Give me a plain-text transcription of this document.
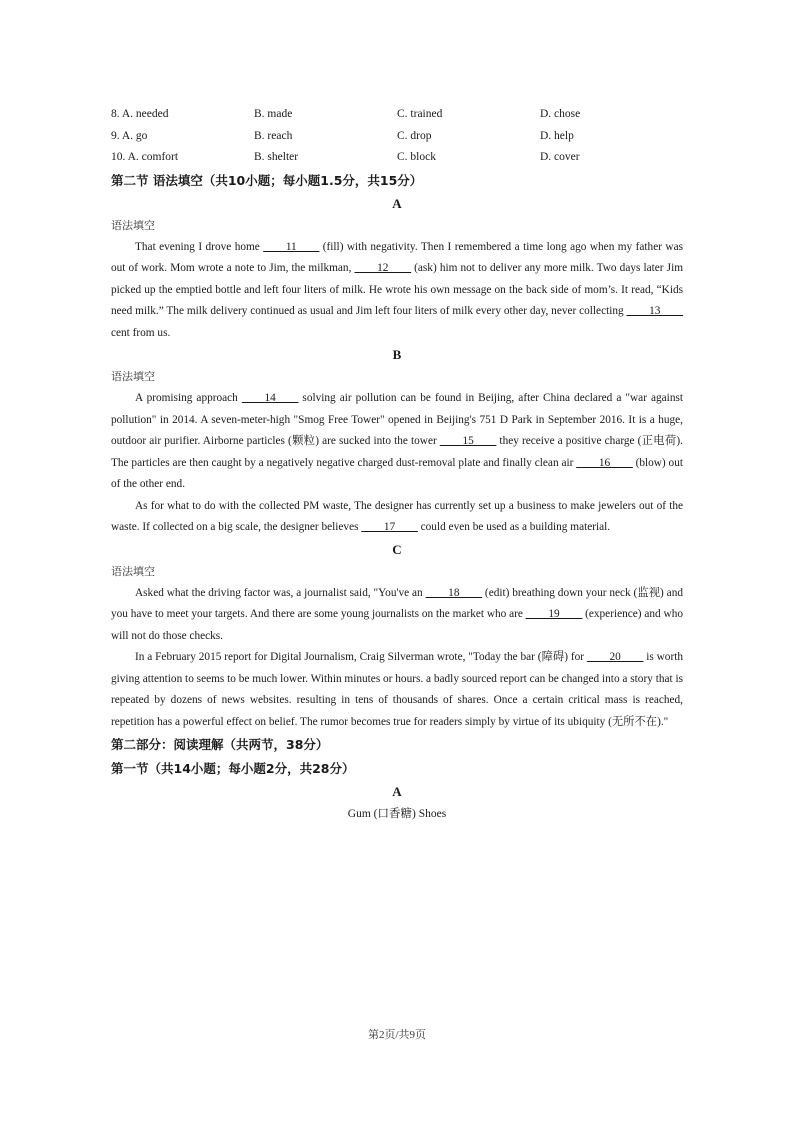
8. A. needed	B. made	C. trained	D. chose
9. A. go	B. reach	C. drop	D. help
10. A. comfort	B. shelter	C. block	D. cover
第二节 语法填空（共10小题；每小题1.5分，共15分）
A
语法填空
That evening I drove home ____11____ (fill) with negativity. Then I remembered a time long ago when my father was out of work. Mom wrote a note to Jim, the milkman, ____12____ (ask) him not to deliver any more milk. Two days later Jim picked up the emptied bottle and left four liters of milk. He wrote his own message on the back side of mom’s. It read, “Kids need milk.” The milk delivery continued as usual and Jim left four liters of milk every other day, never collecting ____13____ cent from us.
B
语法填空
A promising approach ____14____ solving air pollution can be found in Beijing, after China declared a "war against pollution" in 2014. A seven-meter-high "Smog Free Tower" opened in Beijing's 751 D Park in September 2016. It is a huge, outdoor air purifier. Airborne particles (颗粒) are sucked into the tower ____15____ they receive a positive charge (正电荷). The particles are then caught by a negatively negative charged dust-removal plate and finally clean air ____16____ (blow) out of the other end.
As for what to do with the collected PM waste, The designer has currently set up a business to make jewelers out of the waste. If collected on a big scale, the designer believes ____17____ could even be used as a building material.
C
语法填空
Asked what the driving factor was, a journalist said, "You've an ____18____ (edit) breathing down your neck (监视) and you have to meet your targets. And there are some young journalists on the market who are ____19____ (experience) and who will not do those checks.
In a February 2015 report for Digital Journalism, Craig Silverman wrote, "Today the bar (障碍) for ____20____ is worth giving attention to seems to be much lower. Within minutes or hours. a badly sourced report can be changed into a story that is repeated by dozens of news websites. resulting in tens of thousands of shares. Once a certain critical mass is reached, repetition has a powerful effect on belief. The rumor becomes true for readers simply by virtue of its ubiquity (无所不在)."
第二部分：阅读理解（共两节，38分）
第一节（共14小题；每小题2分，共28分）
A
Gum (口香糖) Shoes
第2页/共9页
